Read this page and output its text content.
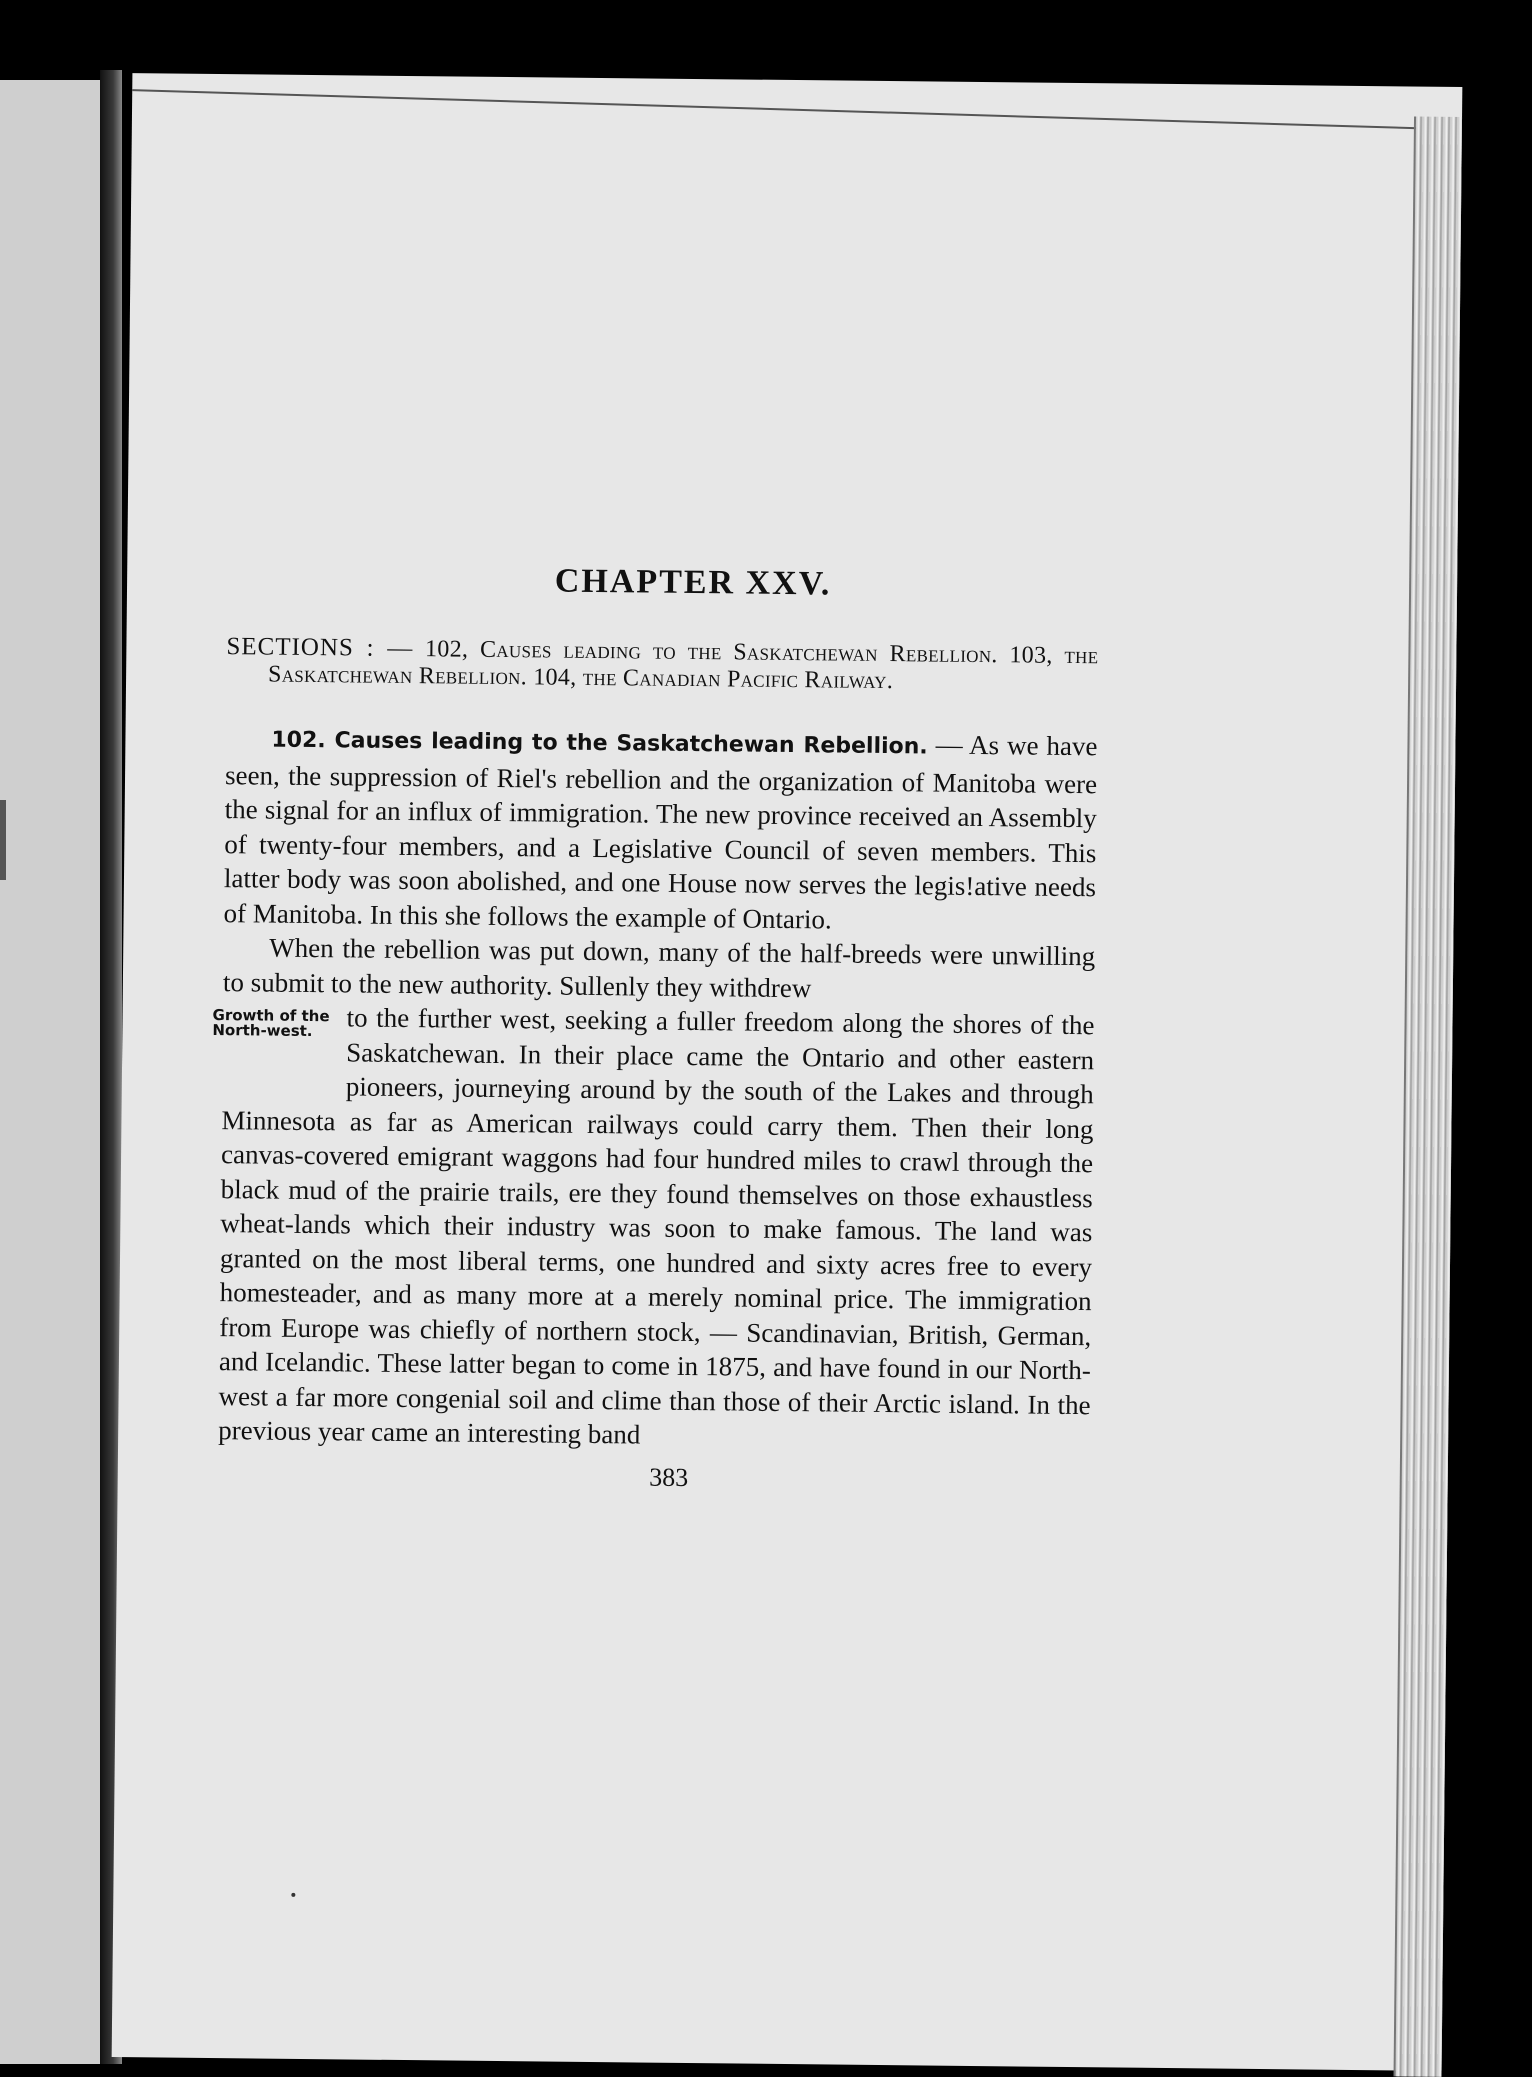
CHAPTER XXV.
SECTIONS : — 102, Causes leading to the Saskatchewan Rebellion. 103, the Saskatchewan Rebellion. 104, the Canadian Pacific Railway.

102. Causes leading to the Saskatchewan Rebellion. — As we have seen, the suppression of Riel's rebellion and the organization of Manitoba were the signal for an influx of immigration. The new province received an Assembly of twenty-four members, and a Legislative Council of seven members. This latter body was soon abolished, and one House now serves the legis!ative needs of Manitoba. In this she follows the example of Ontario.

Growth of the North-west.

When the rebellion was put down, many of the half-breeds were unwilling to submit to the new authority. Sullenly they withdrew

to the further west, seeking a fuller freedom along the shores of the Saskatchewan. In their place came the Ontario and other eastern pioneers, journeying around by the south of the Lakes and through Minnesota as far as American railways could carry them. Then their long canvas-covered emigrant waggons had four hundred miles to crawl through the black mud of the prairie trails, ere they found themselves on those exhaustless wheat-lands which their industry was soon to make famous. The land was granted on the most liberal terms, one hundred and sixty acres free to every homesteader, and as many more at a merely nominal price. The immigration from Europe was chiefly of northern stock, — Scandinavian, British, German, and Icelandic. These latter began to come in 1875, and have found in our North-west a far more congenial soil and clime than those of their Arctic island. In the previous year came an interesting band

383
